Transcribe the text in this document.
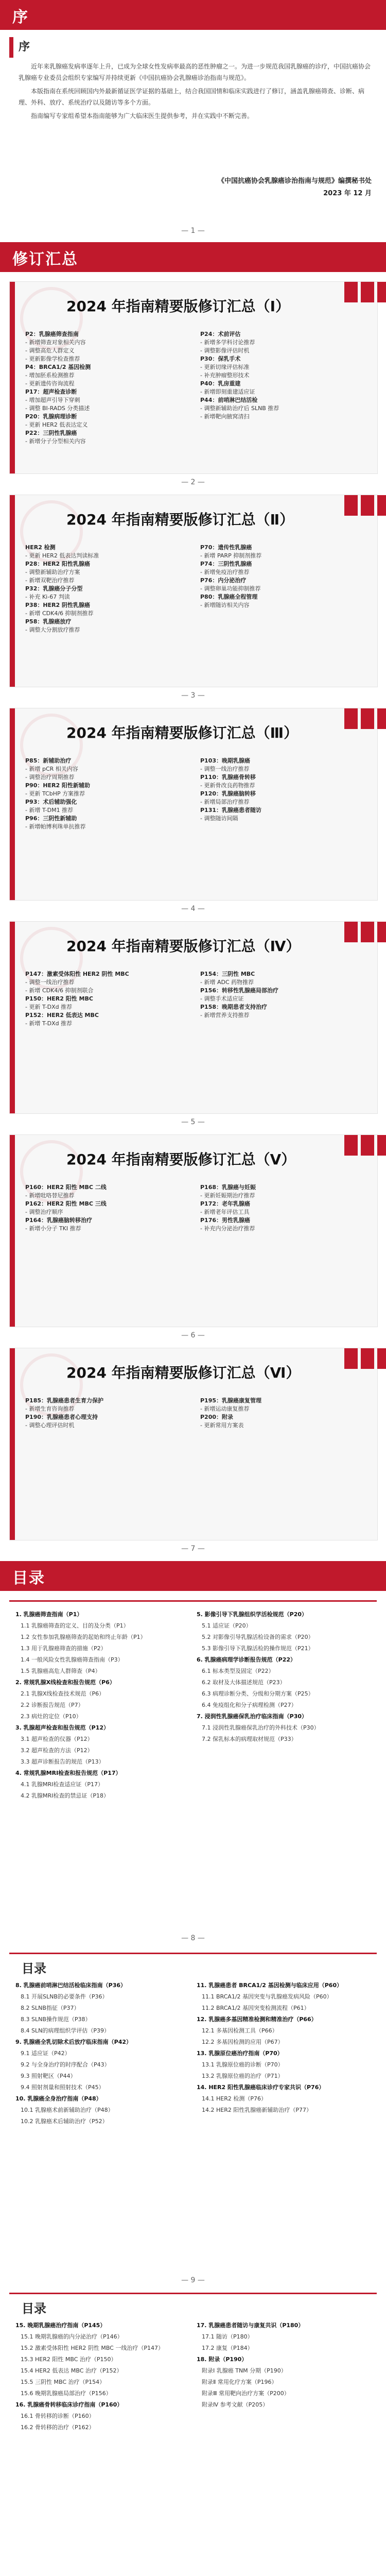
序
序
近年来乳腺癌发病率逐年上升，已成为全球女性发病率最高的恶性肿瘤之一。为进一步规范我国乳腺癌的诊疗，中国抗癌协会乳腺癌专业委员会组织专家编写并持续更新《中国抗癌协会乳腺癌诊治指南与规范》。
本版指南在系统回顾国内外最新循证医学证据的基础上，结合我国国情和临床实践进行了修订，涵盖乳腺癌筛查、诊断、病理、外科、放疗、系统治疗以及随访等多个方面。
指南编写专家组希望本指南能够为广大临床医生提供参考，并在实践中不断完善。
《中国抗癌协会乳腺癌诊治指南与规范》编撰秘书处
2023 年 12 月
— 1 —
修订汇总
2024 年指南精要版修订汇总（Ⅰ）
P2：乳腺癌筛查指南
- 新增筛查对象相关内容
- 调整高危人群定义
- 更新影像学检查推荐
P4：BRCA1/2 基因检测
- 增加胚系检测推荐
- 更新遗传咨询流程
P17：超声检查诊断
- 增加超声引导下穿刺
- 调整 BI-RADS 分类描述
P20：乳腺病理诊断
- 更新 HER2 低表达定义
P22：三阴性乳腺癌
- 新增分子分型相关内容
P24：术前评估
- 新增多学科讨论推荐
- 调整影像评估时机
P30：保乳手术
- 更新切缘评估标准
- 补充肿瘤整形技术
P40：乳房重建
- 新增即刻重建适应证
P44：前哨淋巴结活检
- 调整新辅助治疗后 SLNB 推荐
- 新增靶向腋窝清扫
— 2 —
2024 年指南精要版修订汇总（Ⅱ）
HER2 检测
- 更新 HER2 低表达判读标准
P28：HER2 阳性乳腺癌
- 调整新辅助治疗方案
- 新增双靶治疗推荐
P32：乳腺癌分子分型
- 补充 Ki-67 判读
P38：HER2 阴性乳腺癌
- 新增 CDK4/6 抑制剂推荐
P58：乳腺癌放疗
- 调整大分割放疗推荐
P70：遗传性乳腺癌
- 新增 PARP 抑制剂推荐
P74：三阴性乳腺癌
- 新增免疫治疗推荐
P76：内分泌治疗
- 调整卵巢功能抑制推荐
P80：乳腺癌全程管理
- 新增随访相关内容
— 3 —
2024 年指南精要版修订汇总（Ⅲ）
P85：新辅助治疗
- 新增 pCR 相关内容
- 调整治疗周期推荐
P90：HER2 阳性新辅助
- 更新 TCbHP 方案推荐
P93：术后辅助强化
- 新增 T-DM1 推荐
P96：三阴性新辅助
- 新增帕博利珠单抗推荐
P103：晚期乳腺癌
- 调整一线治疗推荐
P110：乳腺癌骨转移
- 更新骨改良药物推荐
P120：乳腺癌脑转移
- 新增局部治疗推荐
P131：乳腺癌患者随访
- 调整随访间隔
— 4 —
2024 年指南精要版修订汇总（Ⅳ）
P147：激素受体阳性 HER2 阴性 MBC
- 调整一线治疗推荐
- 新增 CDK4/6 抑制剂联合
P150：HER2 阳性 MBC
- 更新 T-DXd 推荐
P152：HER2 低表达 MBC
- 新增 T-DXd 推荐
P154：三阴性 MBC
- 新增 ADC 药物推荐
P156：转移性乳腺癌局部治疗
- 调整手术适应证
P158：晚期患者支持治疗
- 新增营养支持推荐
— 5 —
2024 年指南精要版修订汇总（Ⅴ）
P160：HER2 阳性 MBC 二线
- 新增吡咯替尼推荐
P162：HER2 阳性 MBC 三线
- 调整治疗顺序
P164：乳腺癌脑转移治疗
- 新增小分子 TKI 推荐
P168：乳腺癌与妊娠
- 更新妊娠期治疗推荐
P172：老年乳腺癌
- 新增老年评估工具
P176：男性乳腺癌
- 补充内分泌治疗推荐
— 6 —
2024 年指南精要版修订汇总（Ⅵ）
P185：乳腺癌患者生育力保护
- 新增生育咨询推荐
P190：乳腺癌患者心理支持
- 调整心理评估时机
P195：乳腺癌康复管理
- 新增运动康复推荐
P200：附录
- 更新常用方案表
— 7 —
目录
1. 乳腺癌筛查指南（P1）
1.1 乳腺癌筛查的定义、目的及分类（P1）
1.2 女性参加乳腺癌筛查的起始和终止年龄（P1）
1.3 用于乳腺癌筛查的措施（P2）
1.4 一般风险女性乳腺癌筛查指南（P3）
1.5 乳腺癌高危人群筛查（P4）
2. 常规乳腺X线检查和报告规范（P6）
2.1 乳腺X线检查技术规范（P6）
2.2 诊断报告规范（P7）
2.3 病灶的定位（P10）
3. 乳腺超声检查和报告规范（P12）
3.1 超声检查的仪器（P12）
3.2 超声检查的方法（P12）
3.3 超声诊断报告的规范（P13）
4. 常规乳腺MRI检查和报告规范（P17）
4.1 乳腺MRI检查适应证（P17）
4.2 乳腺MRI检查的禁忌证（P18）
5. 影像引导下乳腺组织学活检规范（P20）
5.1 适应证（P20）
5.2 对影像引导乳腺活检设备的需求（P20）
5.3 影像引导下乳腺活检的操作规范（P21）
6. 乳腺癌病理学诊断报告规范（P22）
6.1 标本类型及固定（P22）
6.2 取材及大体描述规范（P23）
6.3 病理诊断分类、分级和分期方案（P25）
6.4 免疫组化和分子病理检测（P27）
7. 浸润性乳腺癌保乳治疗临床指南（P30）
7.1 浸润性乳腺癌保乳治疗的外科技术（P30）
7.2 保乳标本的病理取材规范（P33）
— 8 —
目录
8. 乳腺癌前哨淋巴结活检临床指南（P36）
8.1 开展SLNB的必要条件（P36）
8.2 SLNB指征（P37）
8.3 SLNB操作规范（P38）
8.4 SLN的病理组织学评估（P39）
9. 乳腺癌全乳切除术后放疗临床指南（P42）
9.1 适应证（P42）
9.2 与全身治疗的时序配合（P43）
9.3 照射靶区（P44）
9.4 照射剂量和照射技术（P45）
10. 乳腺癌全身治疗指南（P48）
10.1 乳腺癌术前新辅助治疗（P48）
10.2 乳腺癌术后辅助治疗（P52）
11. 乳腺癌患者 BRCA1/2 基因检测与临床应用（P60）
11.1 BRCA1/2 基因突变与乳腺癌发病风险（P60）
11.2 BRCA1/2 基因突变检测流程（P61）
12. 乳腺癌多基因精准检测和精准治疗（P66）
12.1 多基因检测工具（P66）
12.2 多基因检测的应用（P67）
13. 乳腺原位癌治疗指南（P70）
13.1 乳腺原位癌的诊断（P70）
13.2 乳腺原位癌的治疗（P71）
14. HER2 阳性乳腺癌临床诊疗专家共识（P76）
14.1 HER2 检测（P76）
14.2 HER2 阳性乳腺癌新辅助治疗（P77）
— 9 —
目录
15. 晚期乳腺癌治疗指南（P145）
15.1 晚期乳腺癌的内分泌治疗（P146）
15.2 激素受体阳性 HER2 阴性 MBC 一线治疗（P147）
15.3 HER2 阳性 MBC 治疗（P150）
15.4 HER2 低表达 MBC 治疗（P152）
15.5 三阴性 MBC 治疗（P154）
15.6 晚期乳腺癌局部治疗（P156）
16. 乳腺癌骨转移临床诊疗指南（P160）
16.1 骨转移的诊断（P160）
16.2 骨转移的治疗（P162）
17. 乳腺癌患者随访与康复共识（P180）
17.1 随访（P180）
17.2 康复（P184）
18. 附录（P190）
附录Ⅰ 乳腺癌 TNM 分期（P190）
附录Ⅱ 常用化疗方案（P196）
附录Ⅲ 常用靶向治疗方案（P200）
附录Ⅳ 参考文献（P205）
